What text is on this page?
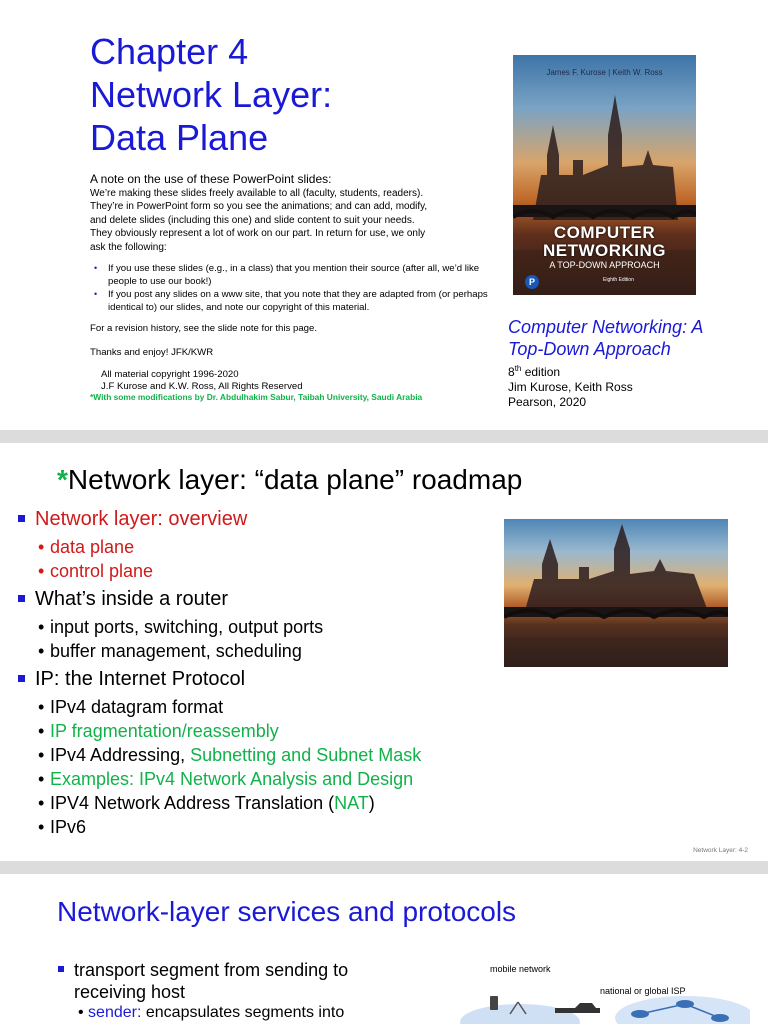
Chapter 4
Network Layer:
Data Plane
A note on the use of these PowerPoint slides:
We’re making these slides freely available to all (faculty, students, readers). They’re in PowerPoint form so you see the animations; and can add, modify, and delete slides (including this one) and slide content to suit your needs. They obviously represent a lot of work on our part. In return for use, we only ask the following:
• If you use these slides (e.g., in a class) that you mention their source (after all, we’d like people to use our book!)
• If you post any slides on a www site, that you note that they are adapted from (or perhaps identical to) our slides, and note our copyright of this material.
For a revision history, see the slide note for this page.
Thanks and enjoy! JFK/KWR
All material copyright 1996-2020
J.F Kurose and K.W. Ross, All Rights Reserved
*With some modifications by Dr. Abdulhakim Sabur, Taibah University, Saudi Arabia
James F. Kurose | Keith W. Ross
COMPUTER
NETWORKING
A TOP-DOWN APPROACH
Eighth Edition
P
Computer Networking: A
Top-Down Approach
8th edition
Jim Kurose, Keith Ross
Pearson, 2020
*Network layer: “data plane” roadmap
Network layer: overview
• data plane
• control plane
What’s inside a router
• input ports, switching, output ports
• buffer management, scheduling
IP: the Internet Protocol
• IPv4 datagram format
• IP fragmentation/reassembly
• IPv4 Addressing, Subnetting and Subnet Mask
• Examples: IPv4 Network Analysis and Design
• IPV4 Network Address Translation (NAT)
• IPv6
Network Layer: 4-2
Network-layer services and protocols
transport segment from sending to receiving host
• sender: encapsulates segments into
mobile network
national or global ISP
